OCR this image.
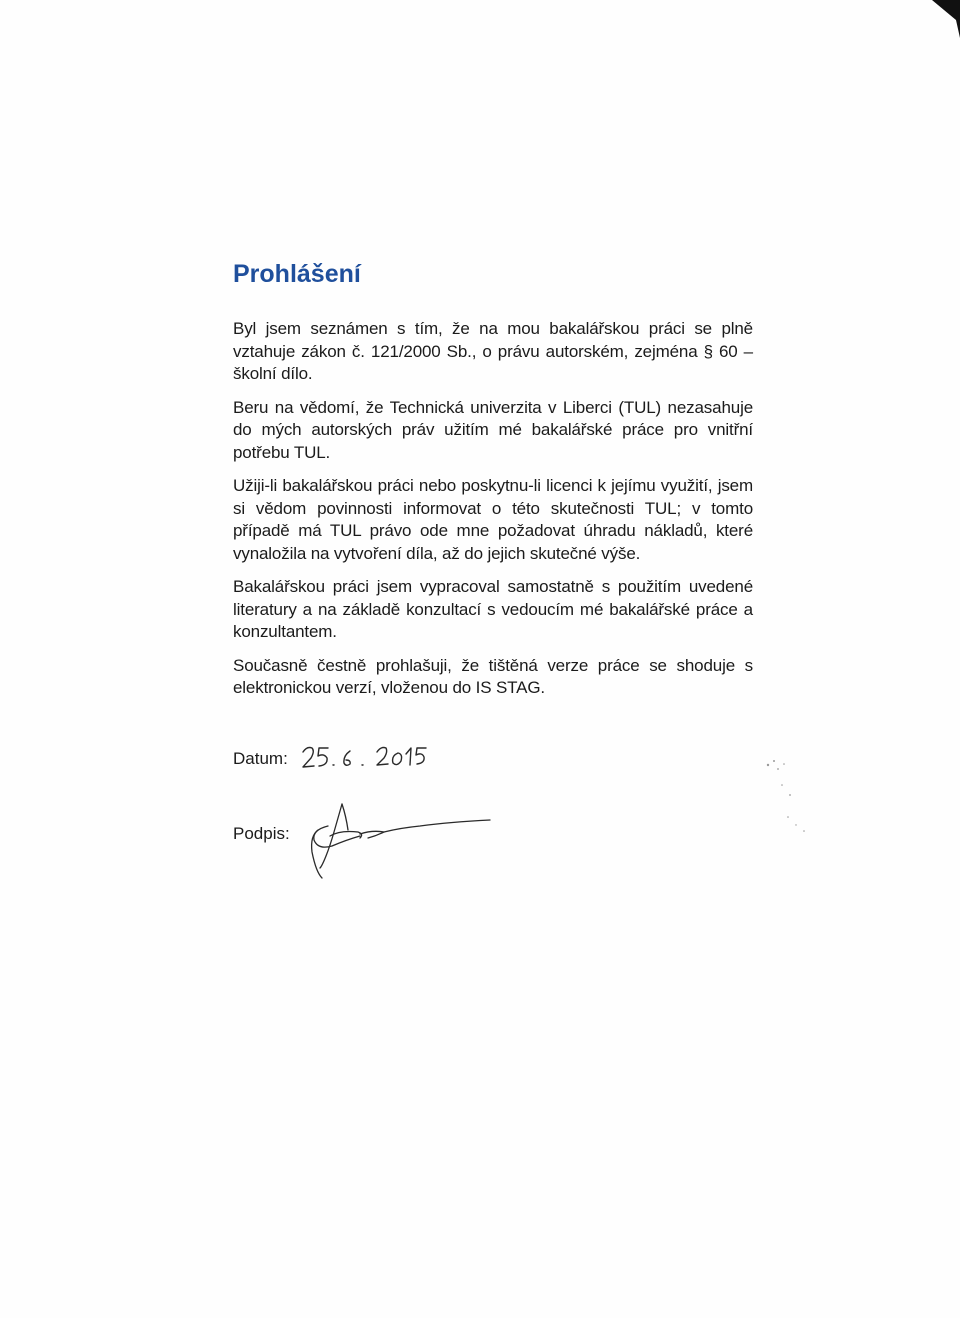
Prohlášení

Byl jsem seznámen s tím, že na mou bakalářskou práci se plně vztahuje zákon č. 121/2000 Sb., o právu autorském, zejména § 60 – školní dílo.

Beru na vědomí, že Technická univerzita v Liberci (TUL) nezasahuje do mých autorských práv užitím mé bakalářské práce pro vnitřní potřebu TUL.

Užiji-li bakalářskou práci nebo poskytnu-li licenci k jejímu využití, jsem si vědom povinnosti informovat o této skutečnosti TUL; v tomto případě má TUL právo ode mne požadovat úhradu nákladů, které vynaložila na vytvoření díla, až do jejich skutečné výše.

Bakalářskou práci jsem vypracoval samostatně s použitím uvedené literatury a na základě konzultací s vedoucím mé bakalářské práce a konzultantem.

Současně čestně prohlašuji, že tištěná verze práce se shoduje s elektronickou verzí, vloženou do IS STAG.

Datum:
Podpis:
